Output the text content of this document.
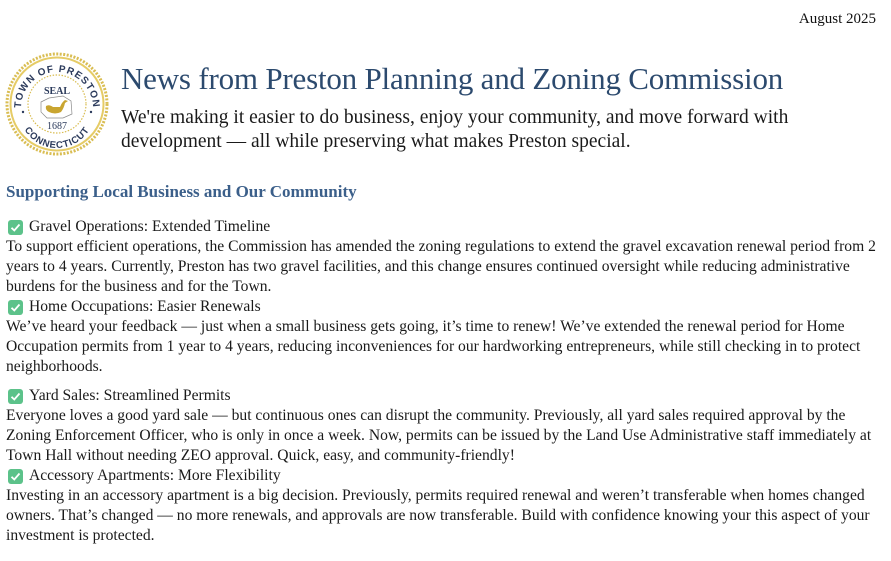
August 2025
TOWN OF PRESTON
CONNECTICUT
SEAL
1687
News from Preston Planning and Zoning Commission
We're making it easier to do business, enjoy your community, and move forward with development — all while preserving what makes Preston special.
Supporting Local Business and Our Community
Gravel Operations: Extended Timeline
To support efficient operations, the Commission has amended the zoning regulations to extend the gravel excavation renewal period from 2 years to 4 years. Currently, Preston has two gravel facilities, and this change ensures continued oversight while reducing administrative burdens for the business and for the Town.
Home Occupations: Easier Renewals
We’ve heard your feedback — just when a small business gets going, it’s time to renew! We’ve extended the renewal period for Home Occupation permits from 1 year to 4 years, reducing inconveniences for our hardworking entrepreneurs, while still checking in to protect neighborhoods.
Yard Sales: Streamlined Permits
Everyone loves a good yard sale — but continuous ones can disrupt the community. Previously, all yard sales required approval by the Zoning Enforcement Officer, who is only in once a week. Now, permits can be issued by the Land Use Administrative staff immediately at Town Hall without needing ZEO approval. Quick, easy, and community-friendly!
Accessory Apartments: More Flexibility
Investing in an accessory apartment is a big decision. Previously, permits required renewal and weren’t transferable when homes changed owners. That’s changed — no more renewals, and approvals are now transferable. Build with confidence knowing your this aspect of your investment is protected.
